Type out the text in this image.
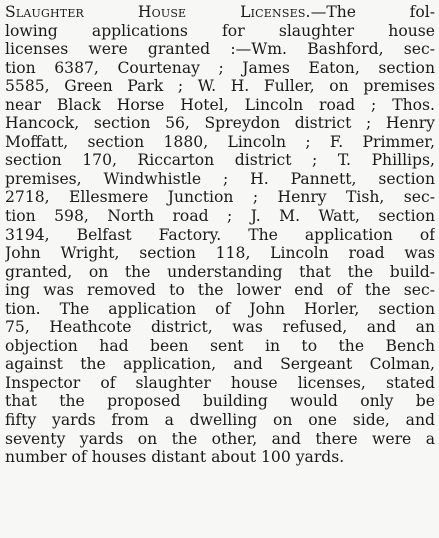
Slaughter House Licenses.—The fol-
lowing applications for slaughter house
licenses were granted :—Wm. Bashford, sec-
tion 6387, Courtenay ; James Eaton, section
5585, Green Park ; W. H. Fuller, on premises
near Black Horse Hotel, Lincoln road ; Thos.
Hancock, section 56, Spreydon district ; Henry
Moffatt, section 1880, Lincoln ; F. Primmer,
section 170, Riccarton district ; T. Phillips,
premises, Windwhistle ; H. Pannett, section
2718, Ellesmere Junction ; Henry Tish, sec-
tion 598, North road ; J. M. Watt, section
3194, Belfast Factory. The application of
John Wright, section 118, Lincoln road was
granted, on the understanding that the build-
ing was removed to the lower end of the sec-
tion. The application of John Horler, section
75, Heathcote district, was refused, and an
objection had been sent in to the Bench
against the application, and Sergeant Colman,
Inspector of slaughter house licenses, stated
that the proposed building would only be
fifty yards from a dwelling on one side, and
seventy yards on the other, and there were a
number of houses distant about 100 yards.
